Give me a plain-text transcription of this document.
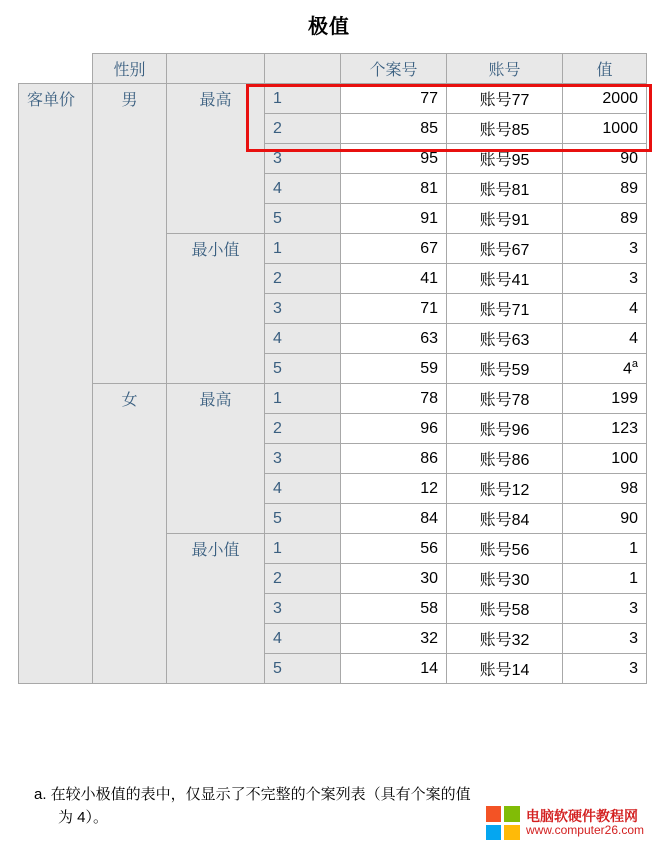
极值
	性别			个案号	账号	值
客单价	男	最高	1	77	账号77	2000
			2	85	账号85	1000
			3	95	账号95	90
			4	81	账号81	89
			5	91	账号91	89
		最小值	1	67	账号67	3
			2	41	账号41	3
			3	71	账号71	4
			4	63	账号63	4
			5	59	账号59	4$^a$
	女	最高	1	78	账号78	199
			2	96	账号96	123
			3	86	账号86	100
			4	12	账号12	98
			5	84	账号84	90
		最小值	1	56	账号56	1
			2	30	账号30	1
			3	58	账号58	3
			4	32	账号32	3
			5	14	账号14	3
a. 在较小极值的表中，仅显示了不完整的个案列表（具有个案的值
为 4）。	电脑软硬件教程网
www.computer26.com
